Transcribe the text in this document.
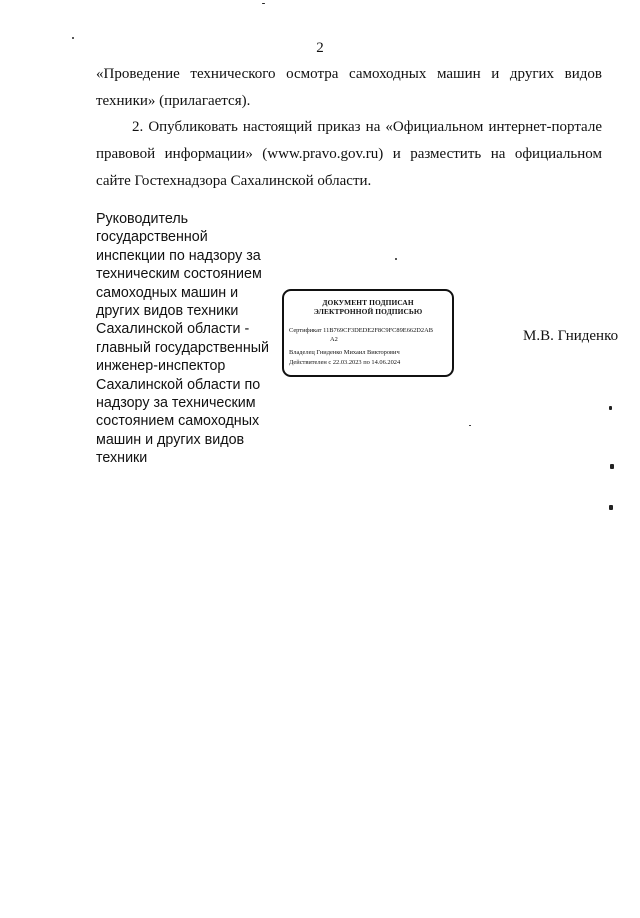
2
«Проведение технического осмотра самоходных машин и других видов техники» (прилагается).
2. Опубликовать настоящий приказ на «Официальном интернет-портале правовой информации» (www.pravo.gov.ru) и разместить на официальном сайте Гостехнадзора Сахалинской области.
Руководитель
государственной
инспекции по надзору за
техническим состоянием
самоходных машин и
других видов техники
Сахалинской области -
главный государственный
инженер-инспектор
Сахалинской области по
надзору за техническим
состоянием самоходных
машин и других видов
техники
ДОКУМЕНТ ПОДПИСАН
ЭЛЕКТРОННОЙ ПОДПИСЬЮ
Сертификат 11B769CF3DEDE2F8C9FC89E662D2AB
A2
Владелец Гниденко Михаил Викторович
Действителен с 22.03.2023 по 14.06.2024
М.В. Гниденко
